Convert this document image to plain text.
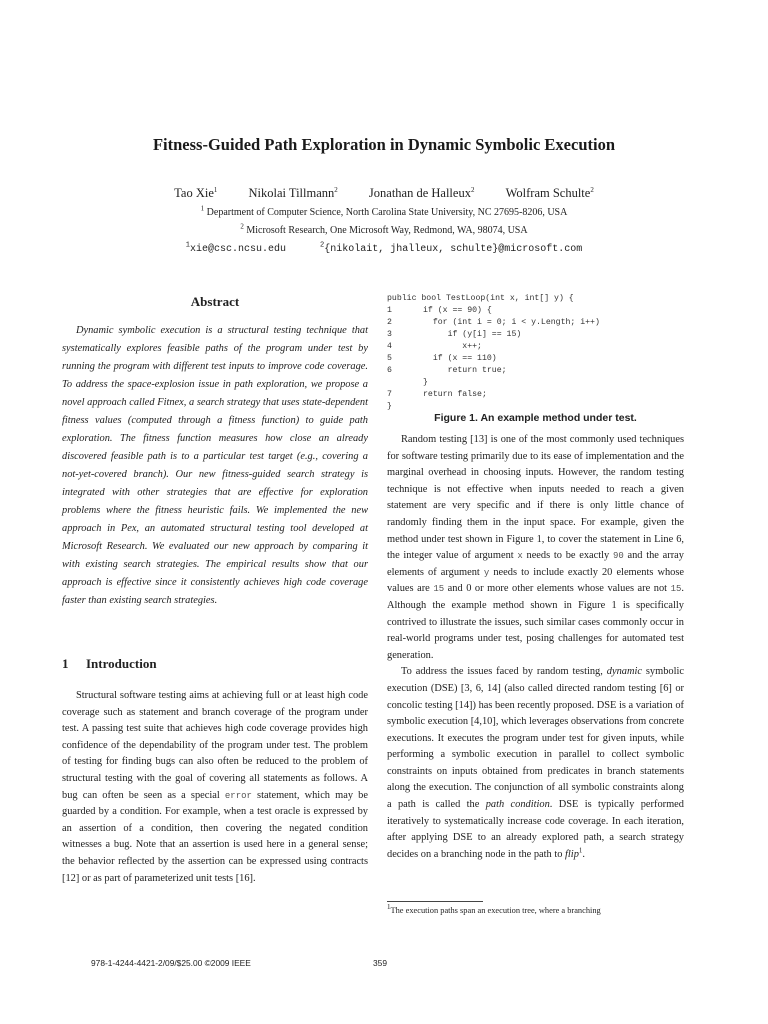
Fitness-Guided Path Exploration in Dynamic Symbolic Execution
Tao Xie$^1$ Nikolai Tillmann$^2$ Jonathan de Halleux$^2$ Wolfram Schulte$^2$
$^1$ Department of Computer Science, North Carolina State University, NC 27695-8206, USA
$^2$ Microsoft Research, One Microsoft Way, Redmond, WA, 98074, USA
$^1$xie@csc.ncsu.edu	$^2${nikolait, jhalleux, schulte}@microsoft.com
Abstract

Dynamic symbolic execution is a structural testing technique that systematically explores feasible paths of the program under test by running the program with different test inputs to improve code coverage. To address the space-explosion issue in path exploration, we propose a novel approach called Fitnex, a search strategy that uses state-dependent fitness values (computed through a fitness function) to guide path exploration. The fitness function measures how close an already discovered feasible path is to a particular test target (e.g., covering a not-yet-covered branch). Our new fitness-guided search strategy is integrated with other strategies that are effective for exploration problems where the fitness heuristic fails. We implemented the new approach in Pex, an automated structural testing tool developed at Microsoft Research. We evaluated our new approach by comparing it with existing search strategies. The empirical results show that our approach is effective since it consistently achieves high code coverage faster than existing search strategies.

1 Introduction

Structural software testing aims at achieving full or at least high code coverage such as statement and branch coverage of the program under test. A passing test suite that achieves high code coverage provides high confidence of the dependability of the program under test. The problem of testing for finding bugs can also often be reduced to the problem of structural testing with the goal of covering all statements as follows. A bug can often be seen as a special error statement, which may be guarded by a condition. For example, when a test oracle is expressed by an assertion of a condition, then covering the negated condition witnesses a bug. Note that an assertion is used here in a general sense; the behavior reflected by the assertion can be expressed using contracts [12] or as part of parameterized unit tests [16].

public bool TestLoop(int x, int[] y) {
1	if (x == 90) {
2	for (int i = 0; i < y.Length; i++)
3	if (y[i] == 15)
4	x++;
5	if (x == 110)
6	return true;
}
7	return false;
}
Figure 1. An example method under test.

Random testing [13] is one of the most commonly used techniques for software testing primarily due to its ease of implementation and the marginal overhead in choosing inputs. However, the random testing technique is not effective when inputs needed to reach a given statement are very specific and if there is only little chance of randomly finding them in the input space. For example, given the method under test shown in Figure 1, to cover the statement in Line 6, the integer value of argument x needs to be exactly 90 and the array elements of argument y needs to include exactly 20 elements whose values are 15 and 0 or more other elements whose values are not 15. Although the example method shown in Figure 1 is specifically contrived to illustrate the issues, such similar cases commonly occur in real-world programs under test, posing challenges for automated test generation.

To address the issues faced by random testing, dynamic symbolic execution (DSE) [3, 6, 14] (also called directed random testing [6] or concolic testing [14]) has been recently proposed. DSE is a variation of symbolic execution [4,10], which leverages observations from concrete executions. It executes the program under test for given inputs, while performing a symbolic execution in parallel to collect symbolic constraints on inputs obtained from predicates in branch statements along the execution. The conjunction of all symbolic constraints along a path is called the path condition. DSE is typically performed iteratively to systematically increase code coverage. In each iteration, after applying DSE to an already explored path, a search strategy decides on a branching node in the path to flip$^1$.

$^1$The execution paths span an execution tree, where a branching
978-1-4244-4421-2/09/$25.00 ©2009 IEEE	359
